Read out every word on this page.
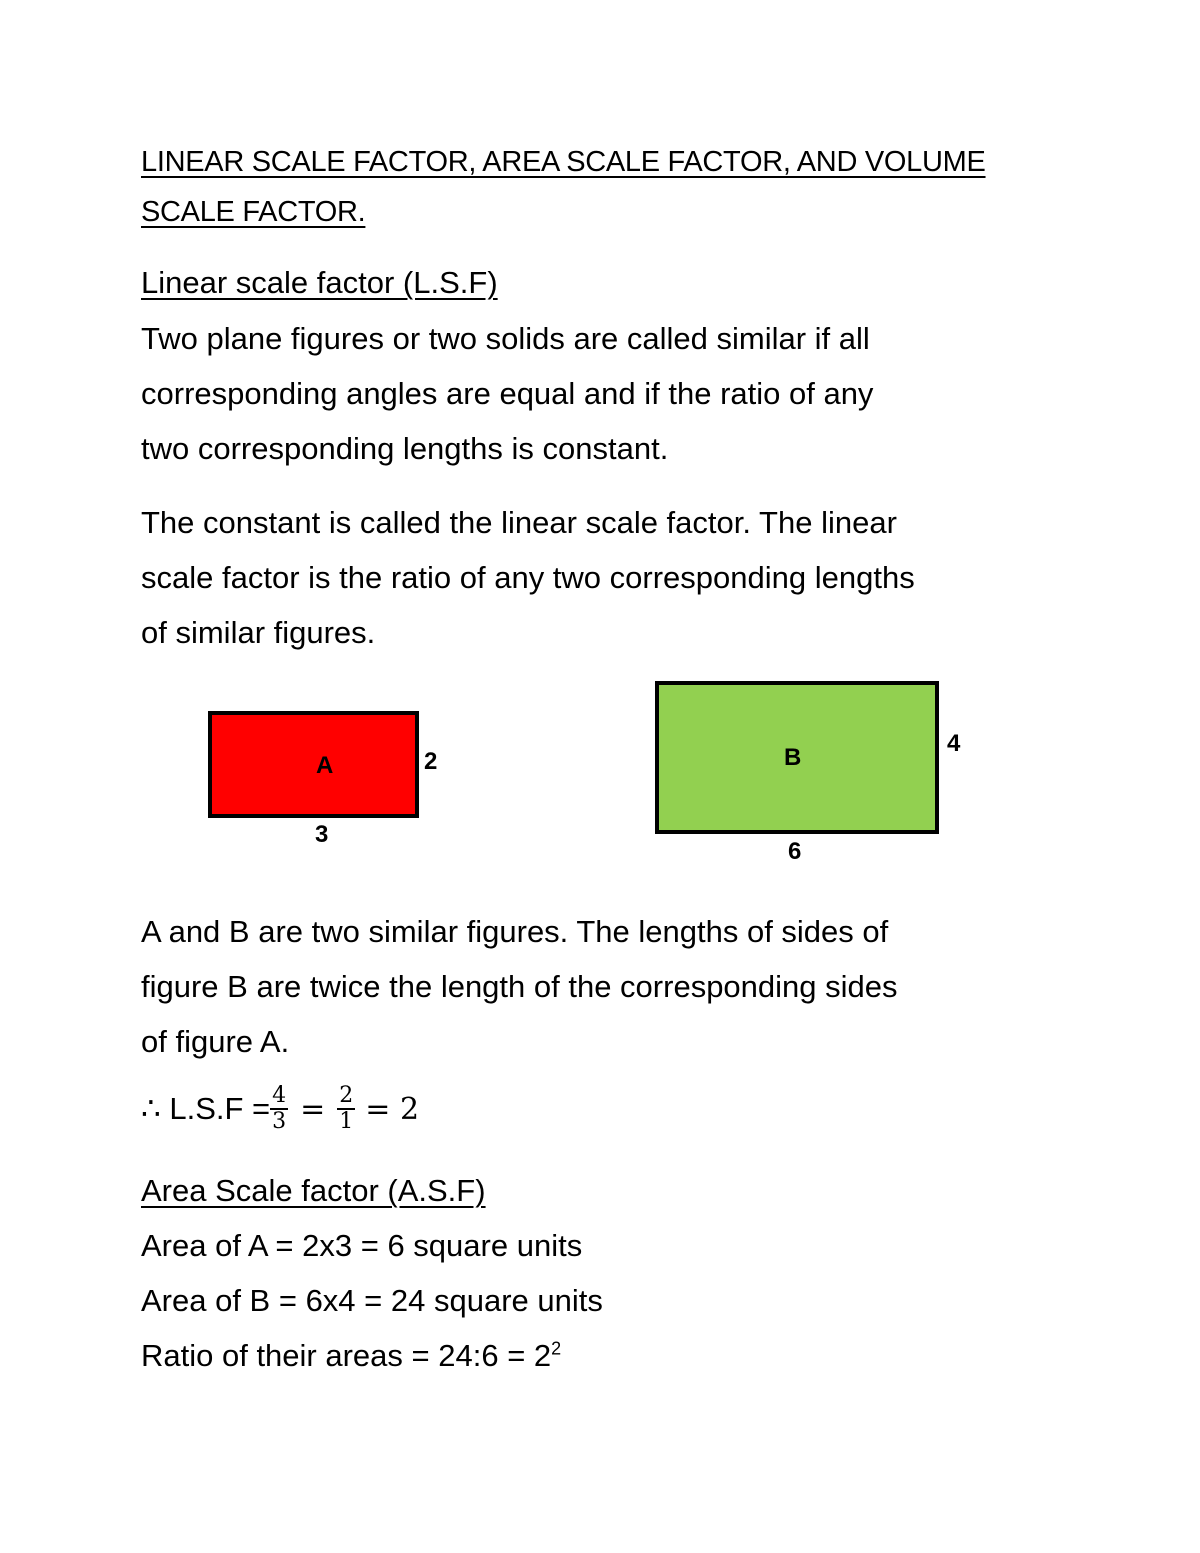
LINEAR SCALE FACTOR, AREA SCALE FACTOR, AND VOLUME
SCALE FACTOR.
Linear scale factor (L.S.F)
Two plane figures or two solids are called similar if all
corresponding angles are equal and if the ratio of any
two corresponding lengths is constant.
The constant is called the linear scale factor. The linear
scale factor is the ratio of any two corresponding lengths
of similar figures.
A	2
3
B
4
6
A and B are two similar figures. The lengths of sides of
figure B are twice the length of the corresponding sides
of figure A.
∴ $L.S.F = \frac{4}{3} = \frac{2}{1} = 2$
Area Scale factor (A.S.F)
Area of A = 2x3 = 6 square units
Area of B = 6x4 = 24 square units
Ratio of their areas = 24:6 = $2^2$
